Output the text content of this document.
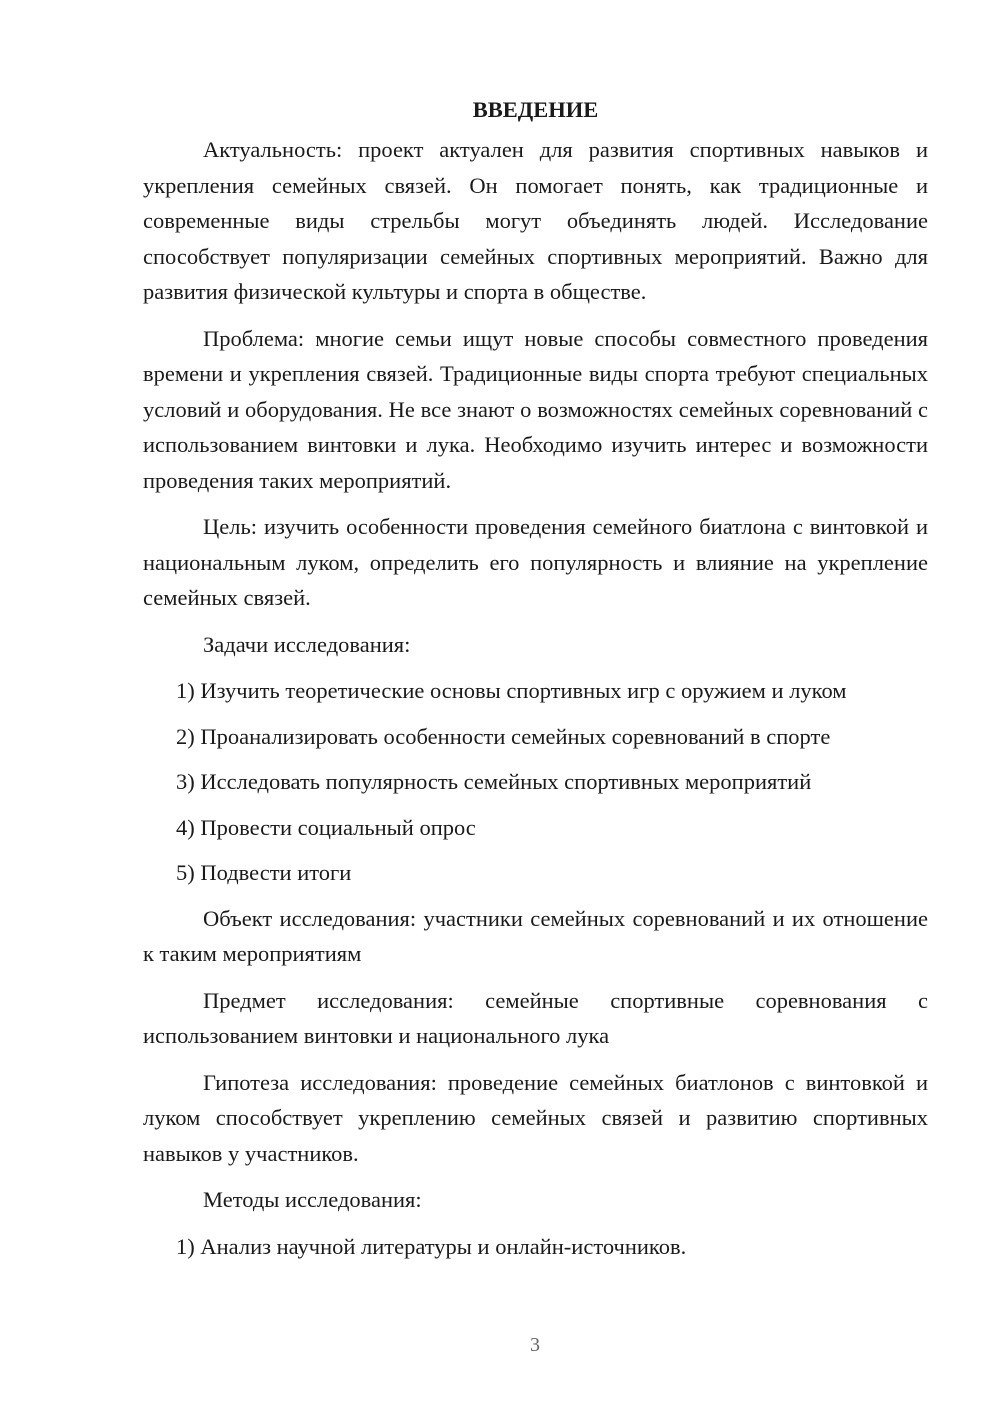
ВВЕДЕНИЕ

Актуальность: проект актуален для развития спортивных навыков и укрепления семейных связей. Он помогает понять, как традиционные и современные виды стрельбы могут объединять людей. Исследование способствует популяризации семейных спортивных мероприятий. Важно для развития физической культуры и спорта в обществе.

Проблема: многие семьи ищут новые способы совместного проведения времени и укрепления связей. Традиционные виды спорта требуют специальных условий и оборудования. Не все знают о возможностях семейных соревнований с использованием винтовки и лука. Необходимо изучить интерес и возможности проведения таких мероприятий.

Цель: изучить особенности проведения семейного биатлона с винтовкой и национальным луком, определить его популярность и влияние на укрепление семейных связей.

Задачи исследования:

1) Изучить теоретические основы спортивных игр с оружием и луком
2) Проанализировать особенности семейных соревнований в спорте
3) Исследовать популярность семейных спортивных мероприятий
4) Провести социальный опрос
5) Подвести итоги

Объект исследования: участники семейных соревнований и их отношение к таким мероприятиям

Предмет исследования: семейные спортивные соревнования с использованием винтовки и национального лука

Гипотеза исследования: проведение семейных биатлонов с винтовкой и луком способствует укреплению семейных связей и развитию спортивных навыков у участников.

Методы исследования:

1) Анализ научной литературы и онлайн-источников.
3
